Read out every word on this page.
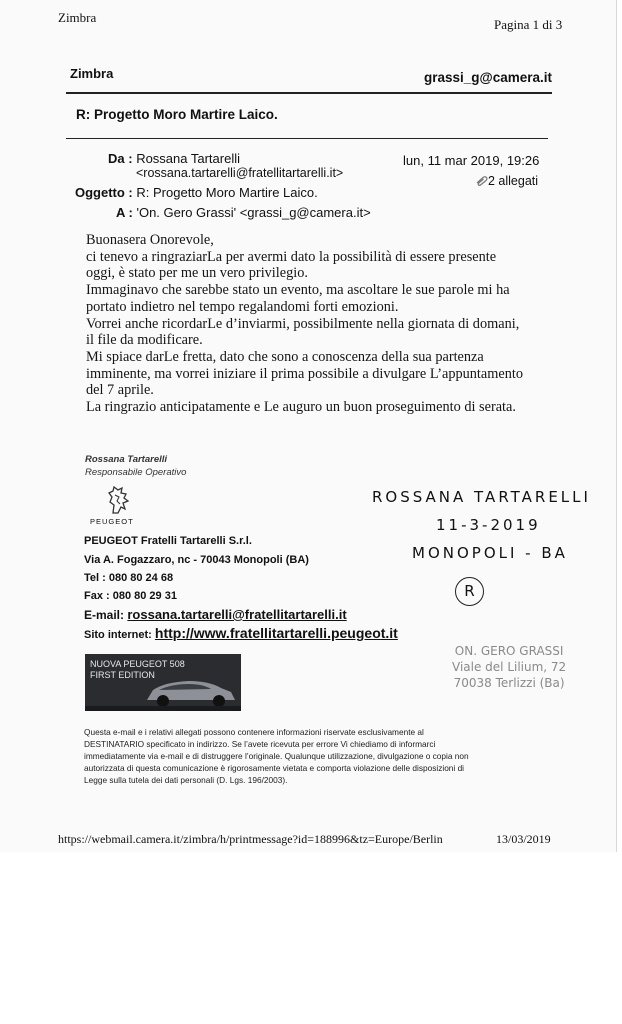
Zimbra	Pagina 1 di 3
Zimbra	grassi_g@camera.it
R: Progetto Moro Martire Laico.
Da : Rossana Tartarelli
<rossana.tartarelli@fratellitartarelli.it>
lun, 11 mar 2019, 19:26
2 allegati
Oggetto : R: Progetto Moro Martire Laico.
A : 'On. Gero Grassi' <grassi_g@camera.it>

Buonasera Onorevole,

ci tenevo a ringraziarLa per avermi dato la possibilità di essere presente

oggi, è stato per me un vero privilegio.

Immaginavo che sarebbe stato un evento, ma ascoltare le sue parole mi ha

portato indietro nel tempo regalandomi forti emozioni.

Vorrei anche ricordarLe d’inviarmi, possibilmente nella giornata di domani,

il file da modificare.

Mi spiace darLe fretta, dato che sono a conoscenza della sua partenza

imminente, ma vorrei iniziare il prima possibile a divulgare L’appuntamento

del 7 aprile.

La ringrazio anticipatamente e Le auguro un buon proseguimento di serata.

Rossana Tartarelli
Responsabile Operativo
PEUGEOT
PEUGEOT Fratelli Tartarelli S.r.l.
Via A. Fogazzaro, nc - 70043 Monopoli (BA)
Tel : 080 80 24 68
Fax : 080 80 29 31
E-mail: rossana.tartarelli@fratellitartarelli.it
Sito internet: http://www.fratellitartarelli.peugeot.it
NUOVA PEUGEOT 508
FIRST EDITION
ROSSANA TARTARELLI
11-3-2019
MONOPOLI - BA
R
ON. GERO GRASSI
Viale del Lilium, 72
70038 Terlizzi (Ba)

Questa e-mail e i relativi allegati possono contenere informazioni riservate esclusivamente al

DESTINATARIO specificato in indirizzo. Se l’avete ricevuta per errore Vi chiediamo di informarci

immediatamente via e-mail e di distruggere l’originale. Qualunque utilizzazione, divulgazione o copia non

autorizzata di questa comunicazione è rigorosamente vietata e comporta violazione delle disposizioni di

Legge sulla tutela dei dati personali (D. Lgs. 196/2003).

https://webmail.camera.it/zimbra/h/printmessage?id=188996&tz=Europe/Berlin	13/03/2019
